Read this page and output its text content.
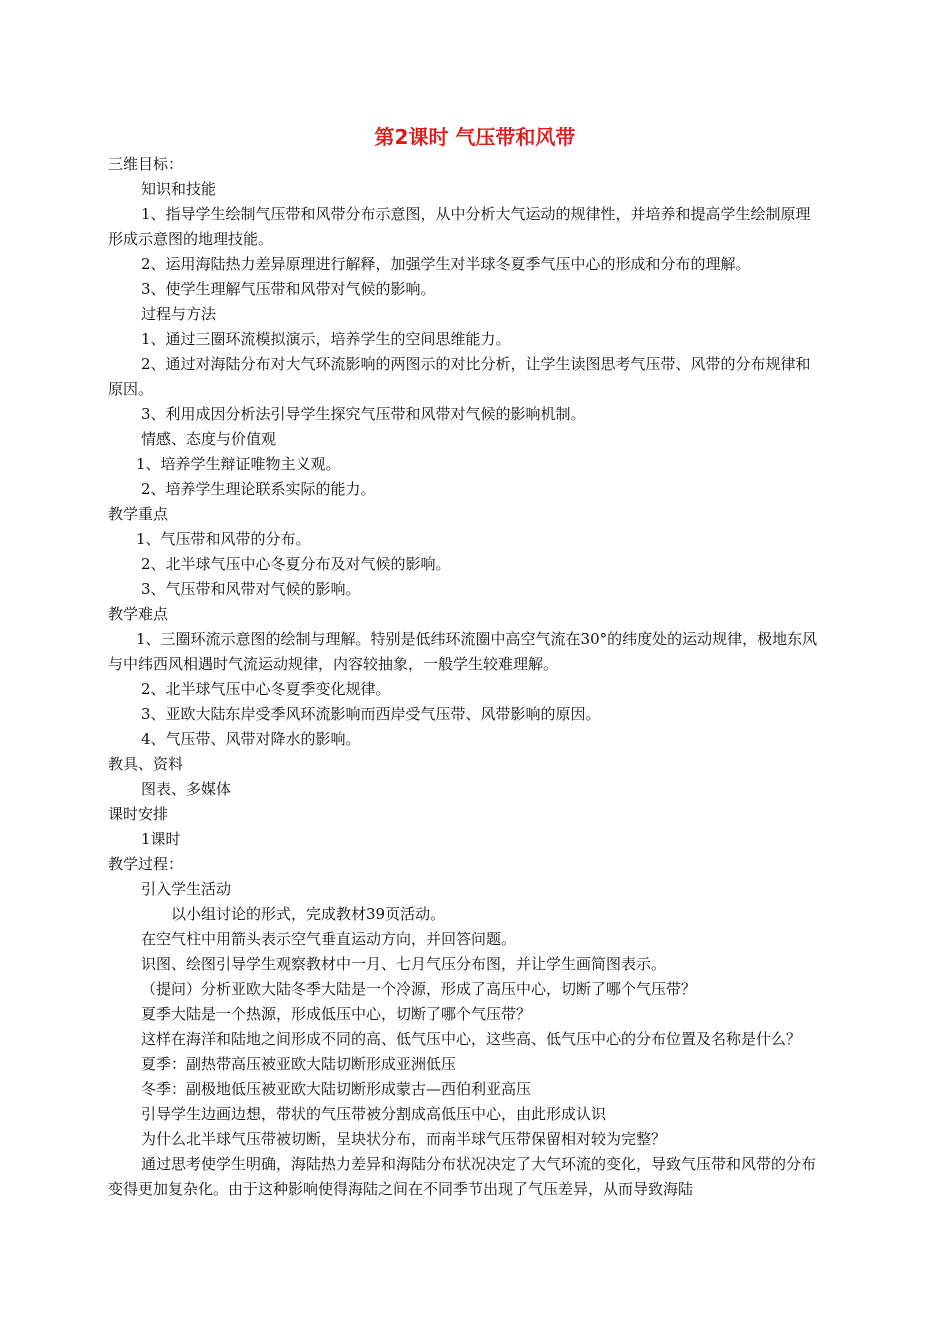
第2课时 气压带和风带
三维目标：
知识和技能
1、指导学生绘制气压带和风带分布示意图，从中分析大气运动的规律性，并培养和提高学生绘制原理形成示意图的地理技能。
2、运用海陆热力差异原理进行解释，加强学生对半球冬夏季气压中心的形成和分布的理解。
3、使学生理解气压带和风带对气候的影响。
过程与方法
1、通过三圈环流模拟演示，培养学生的空间思维能力。
2、通过对海陆分布对大气环流影响的两图示的对比分析，让学生读图思考气压带、风带的分布规律和原因。
3、利用成因分析法引导学生探究气压带和风带对气候的影响机制。
情感、态度与价值观
1、培养学生辩证唯物主义观。
2、培养学生理论联系实际的能力。
教学重点
1、气压带和风带的分布。
2、北半球气压中心冬夏分布及对气候的影响。
3、气压带和风带对气候的影响。
教学难点
1、三圈环流示意图的绘制与理解。特别是低纬环流圈中高空气流在30°的纬度处的运动规律，极地东风与中纬西风相遇时气流运动规律，内容较抽象，一般学生较难理解。
2、北半球气压中心冬夏季变化规律。
3、亚欧大陆东岸受季风环流影响而西岸受气压带、风带影响的原因。
4、气压带、风带对降水的影响。
教具、资料
图表、多媒体
课时安排
1课时
教学过程：
引入学生活动
以小组讨论的形式，完成教材39页活动。
在空气柱中用箭头表示空气垂直运动方向，并回答问题。
识图、绘图引导学生观察教材中一月、七月气压分布图，并让学生画简图表示。
（提问）分析亚欧大陆冬季大陆是一个冷源，形成了高压中心，切断了哪个气压带？
夏季大陆是一个热源，形成低压中心，切断了哪个气压带？
这样在海洋和陆地之间形成不同的高、低气压中心，这些高、低气压中心的分布位置及名称是什么？
夏季：副热带高压被亚欧大陆切断形成亚洲低压
冬季：副极地低压被亚欧大陆切断形成蒙古—西伯利亚高压
引导学生边画边想，带状的气压带被分割成高低压中心，由此形成认识
为什么北半球气压带被切断，呈块状分布，而南半球气压带保留相对较为完整？
通过思考使学生明确，海陆热力差异和海陆分布状况决定了大气环流的变化，导致气压带和风带的分布变得更加复杂化。由于这种影响使得海陆之间在不同季节出现了气压差异，从而导致海陆
